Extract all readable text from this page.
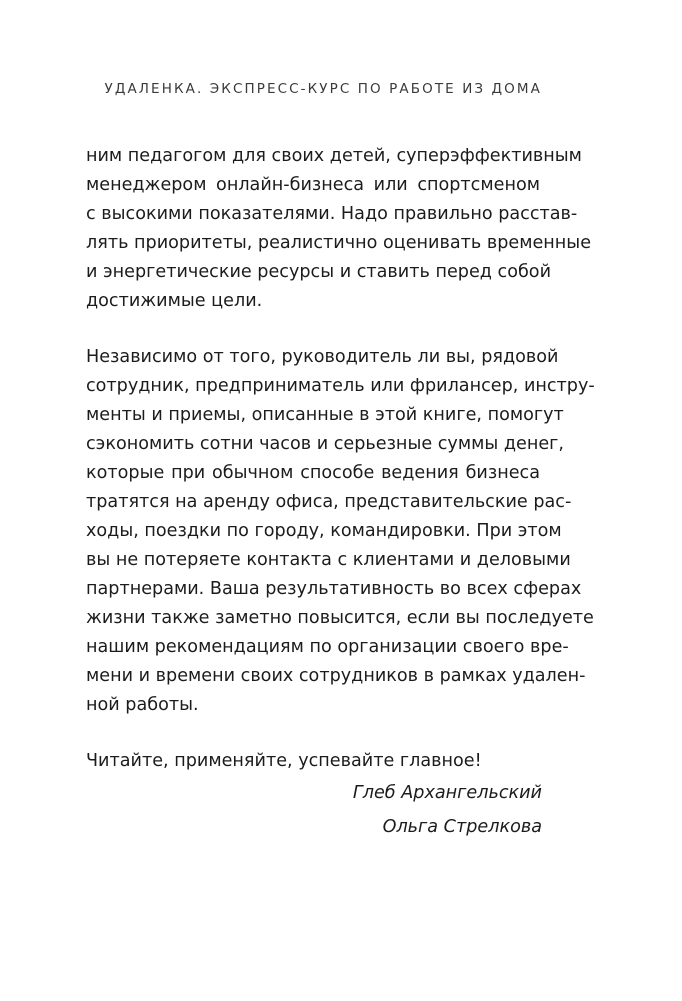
УДАЛЕНКА. ЭКСПРЕСС-КУРС ПО РАБОТЕ ИЗ ДОМА

ним педагогом для своих детей, суперэффективным
менеджером онлайн-бизнеса или спортсменом
с высокими показателями. Надо правильно расстав-
лять приоритеты, реалистично оценивать временные
и энергетические ресурсы и ставить перед собой
достижимые цели.

Независимо от того, руководитель ли вы, рядовой
сотрудник, предприниматель или фрилансер, инстру-
менты и приемы, описанные в этой книге, помогут
сэкономить сотни часов и серьезные суммы денег,
которые при обычном способе ведения бизнеса
тратятся на аренду офиса, представительские рас-
ходы, поездки по городу, командировки. При этом
вы не потеряете контакта с клиентами и деловыми
партнерами. Ваша результативность во всех сферах
жизни также заметно повысится, если вы последуете
нашим рекомендациям по организации своего вре-
мени и времени своих сотрудников в рамках удален-
ной работы.

Читайте, применяйте, успевайте главное!

Глеб Архангельский
Ольга Стрелкова
